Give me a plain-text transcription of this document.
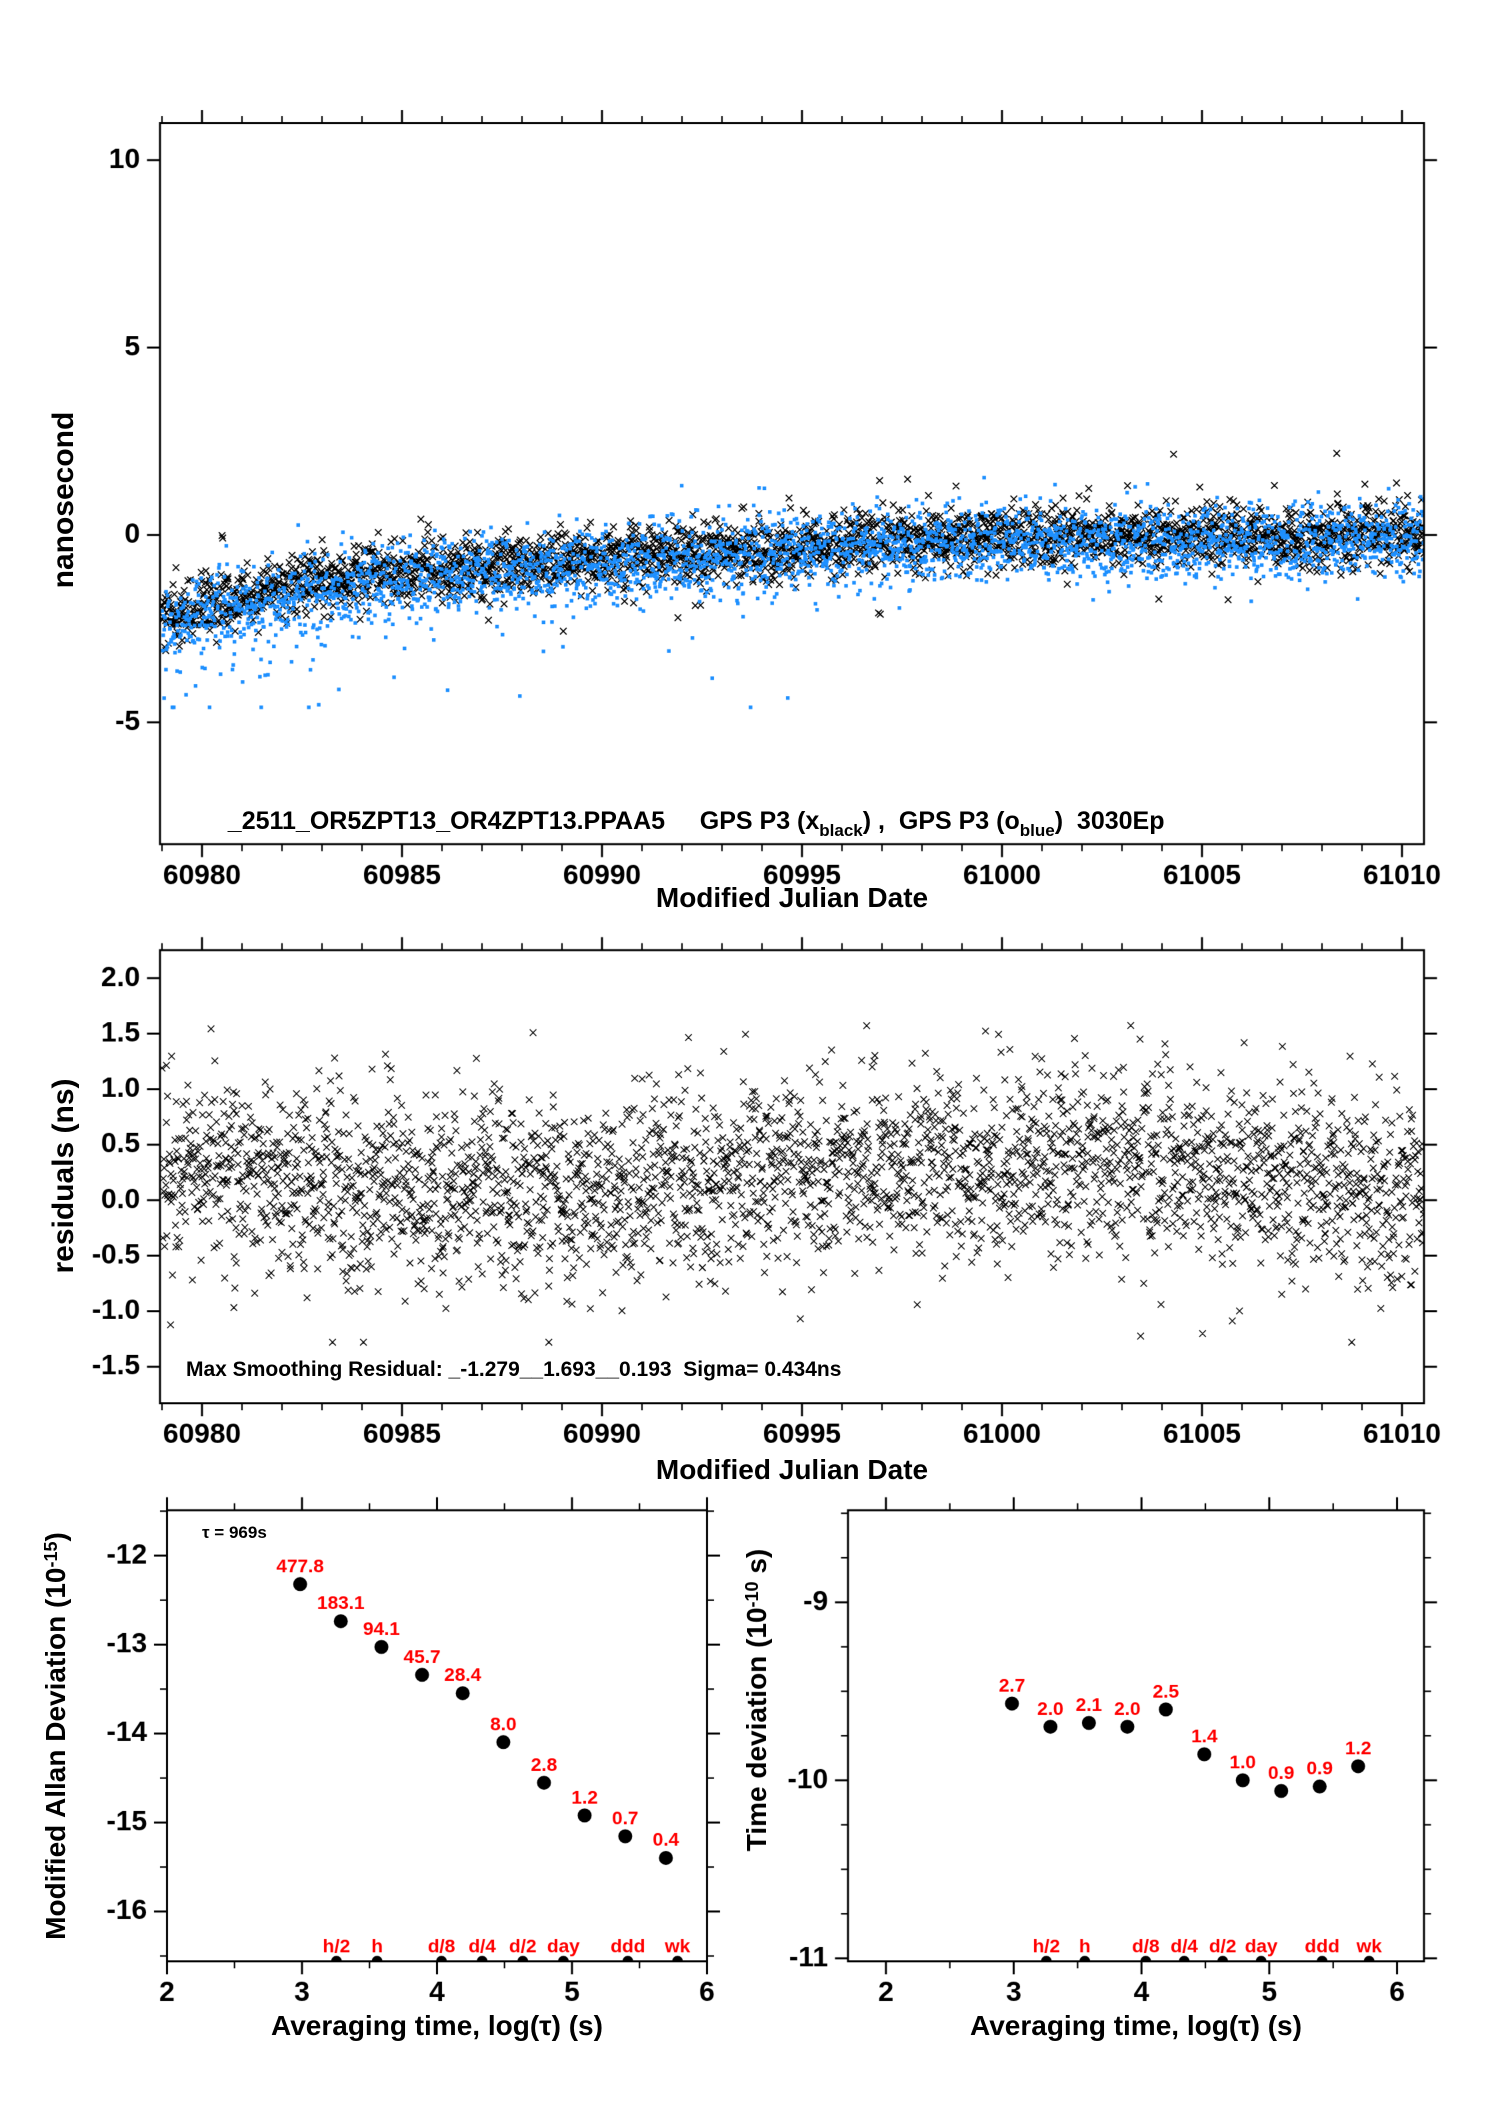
_2511_OR5ZPT13_OR4ZPT13.PPAA5     GPS P3 $(x_{black})$ ,  GPS P3 $(o_{blue})$  3030Ep

nanosecond
Modified Julian Date
residuals (ns)
Max Smoothing Residual: _-1.279__1.693__0.193  Sigma= 0.434ns
Modified Julian Date
Modified Allan Deviation $(10^{-15})$	τ = 969s
Averaging time, log(τ) (s)
Time deviation ($10^{-10}$ s)
Averaging time, log(τ) (s)
